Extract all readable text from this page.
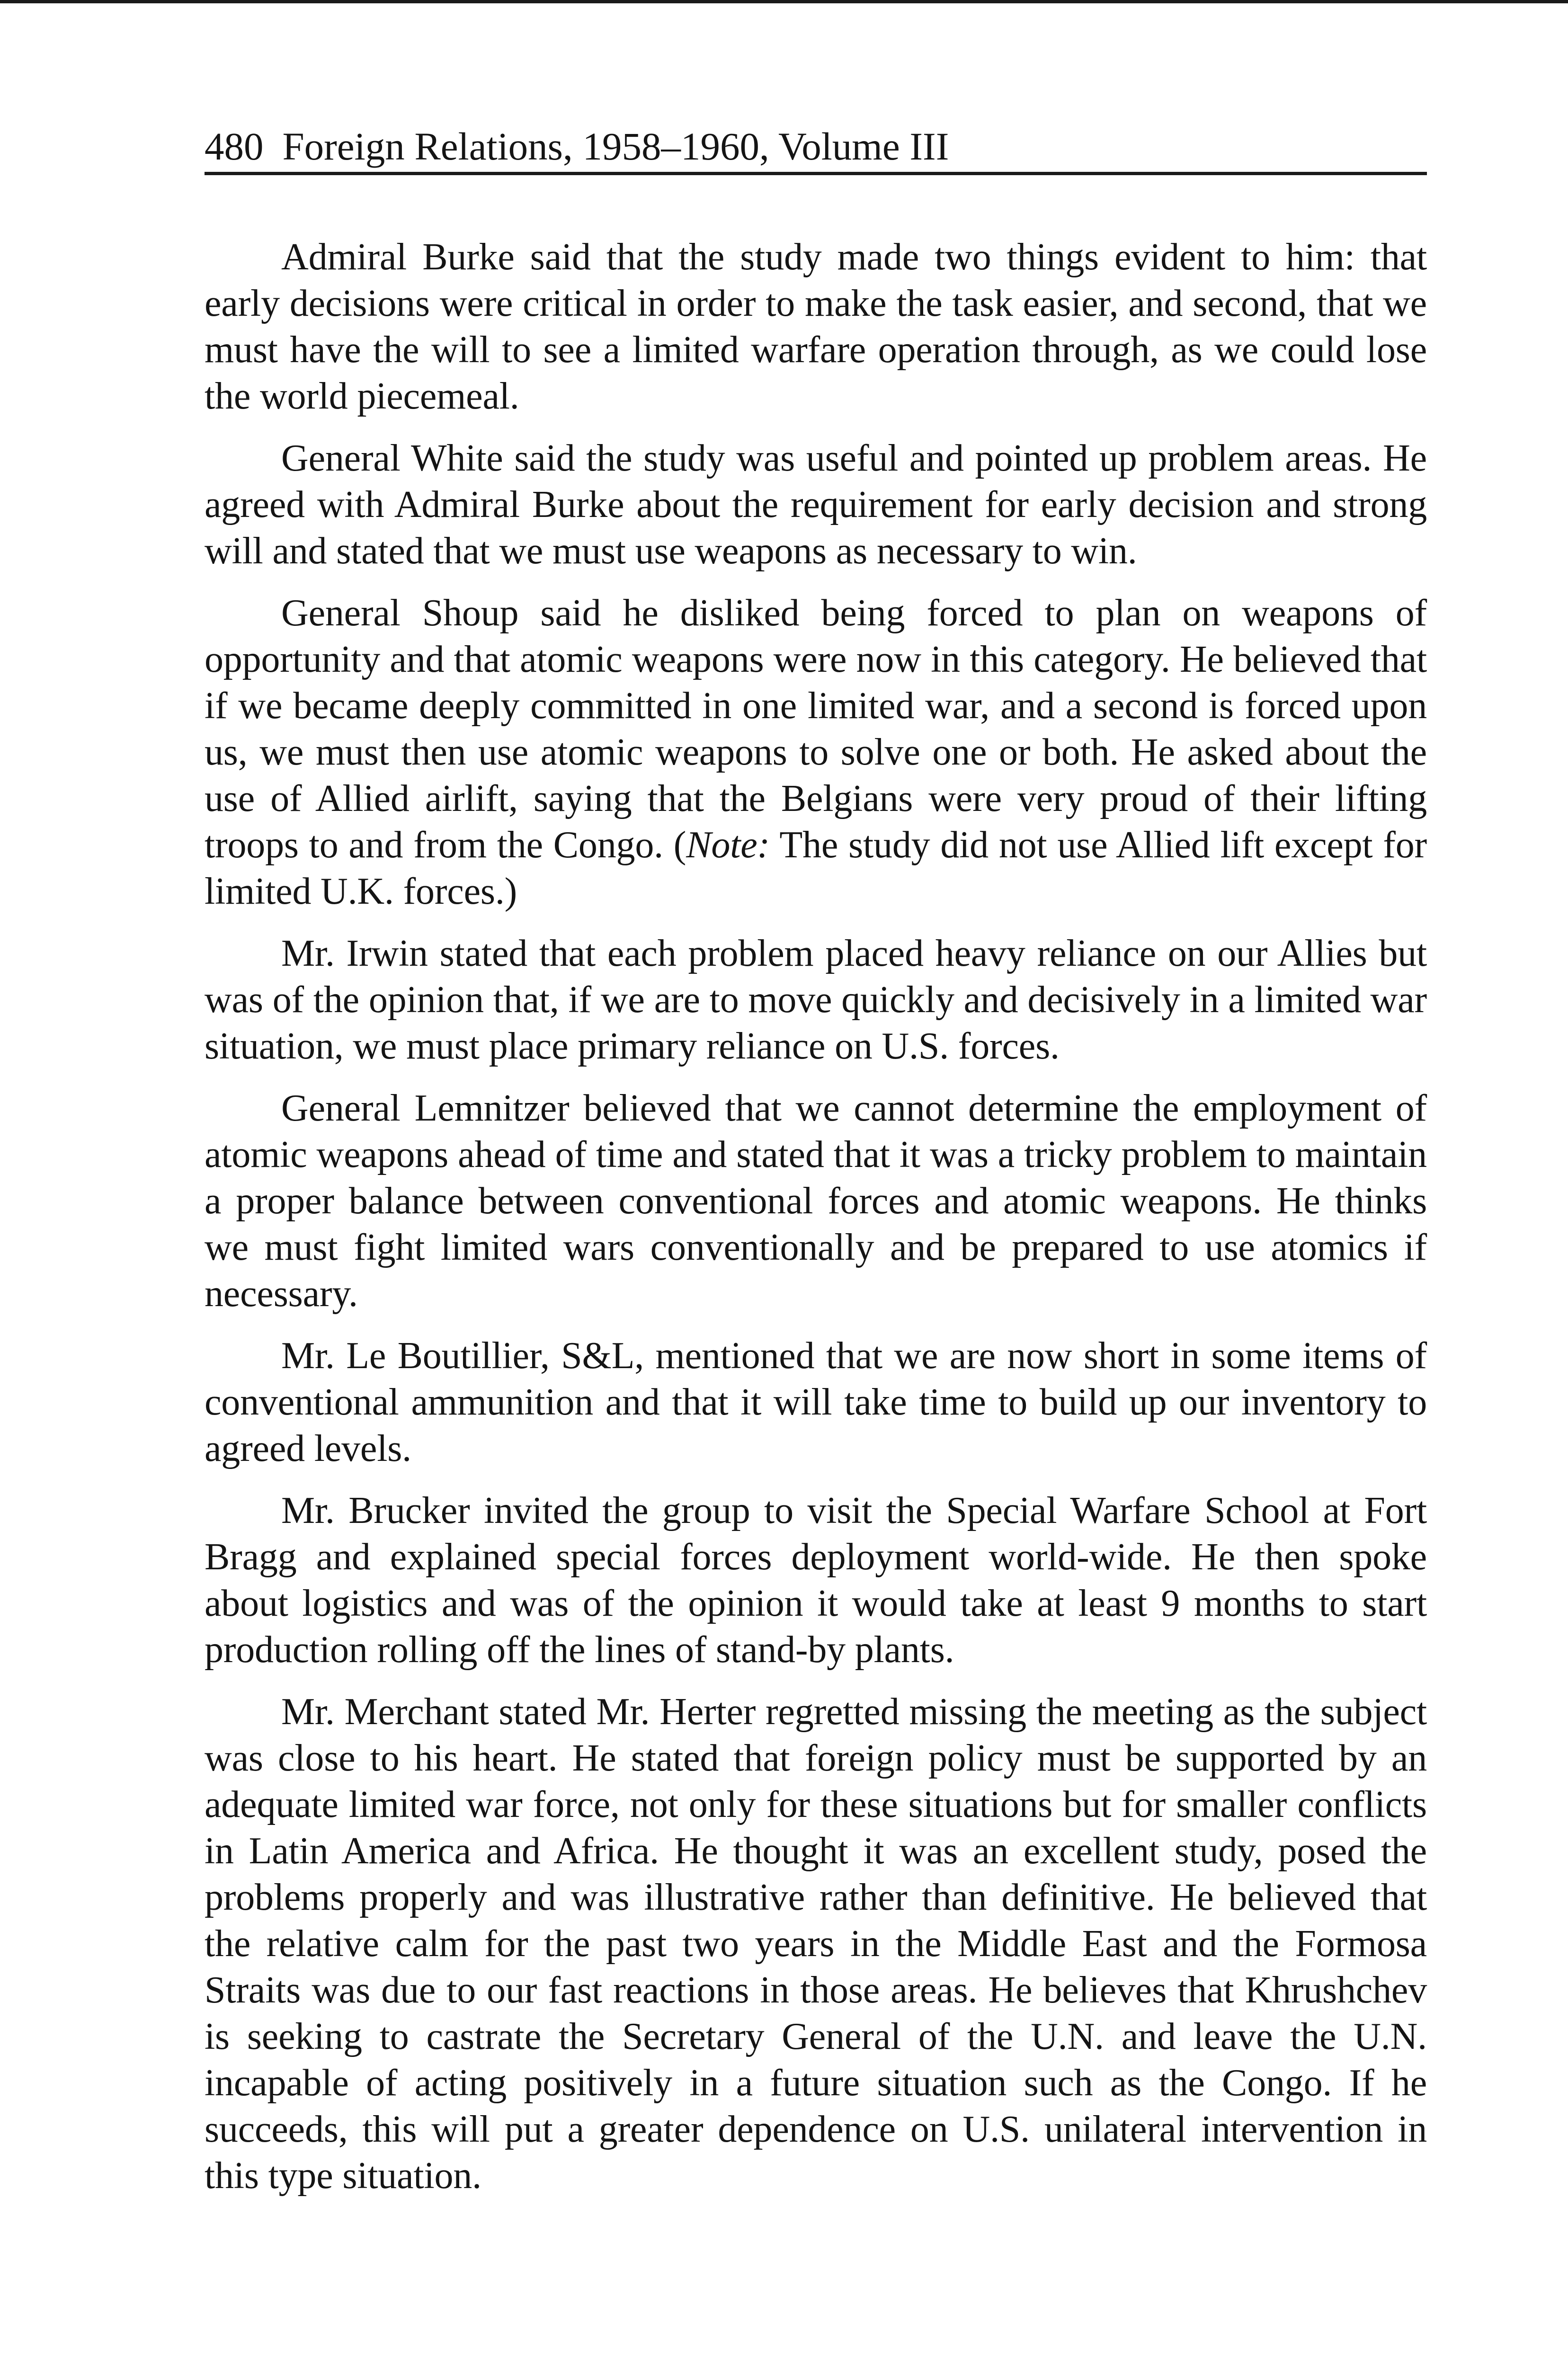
480 Foreign Relations, 1958–1960, Volume III

Admiral Burke said that the study made two things evident to him: that early decisions were critical in order to make the task easier, and second, that we must have the will to see a limited warfare operation through, as we could lose the world piecemeal.

General White said the study was useful and pointed up problem areas. He agreed with Admiral Burke about the requirement for early decision and strong will and stated that we must use weapons as necessary to win.

General Shoup said he disliked being forced to plan on weapons of opportunity and that atomic weapons were now in this category. He believed that if we became deeply committed in one limited war, and a second is forced upon us, we must then use atomic weapons to solve one or both. He asked about the use of Allied airlift, saying that the Belgians were very proud of their lifting troops to and from the Congo. (Note: The study did not use Allied lift except for limited U.K. forces.)

Mr. Irwin stated that each problem placed heavy reliance on our Allies but was of the opinion that, if we are to move quickly and decisively in a limited war situation, we must place primary reliance on U.S. forces.

General Lemnitzer believed that we cannot determine the employment of atomic weapons ahead of time and stated that it was a tricky problem to maintain a proper balance between conventional forces and atomic weapons. He thinks we must fight limited wars conventionally and be prepared to use atomics if necessary.

Mr. Le Boutillier, S&L, mentioned that we are now short in some items of conventional ammunition and that it will take time to build up our inventory to agreed levels.

Mr. Brucker invited the group to visit the Special Warfare School at Fort Bragg and explained special forces deployment world-wide. He then spoke about logistics and was of the opinion it would take at least 9 months to start production rolling off the lines of stand-by plants.

Mr. Merchant stated Mr. Herter regretted missing the meeting as the subject was close to his heart. He stated that foreign policy must be supported by an adequate limited war force, not only for these situations but for smaller conflicts in Latin America and Africa. He thought it was an excellent study, posed the problems properly and was illustrative rather than definitive. He believed that the relative calm for the past two years in the Middle East and the Formosa Straits was due to our fast reactions in those areas. He believes that Khrushchev is seeking to castrate the Secretary General of the U.N. and leave the U.N. incapable of acting positively in a future situation such as the Congo. If he succeeds, this will put a greater dependence on U.S. unilateral intervention in this type situation.
